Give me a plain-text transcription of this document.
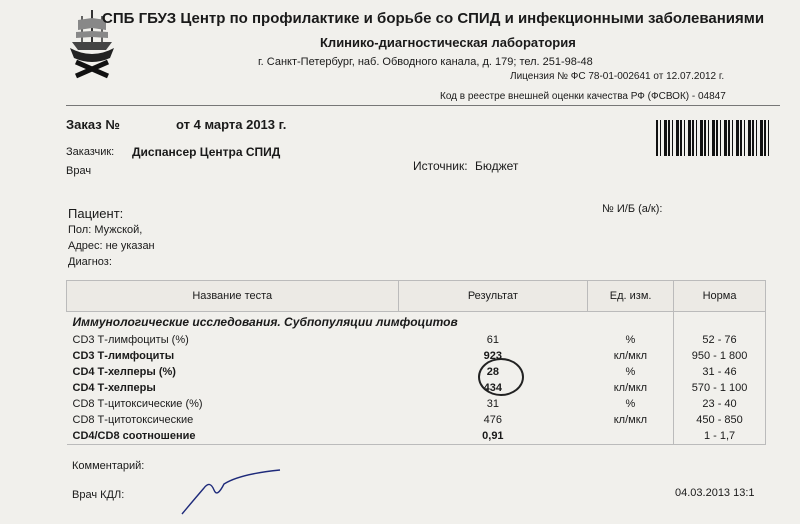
СПБ ГБУЗ Центр по профилактике и борьбе со СПИД и инфекционными заболеваниями
Клинико-диагностическая лаборатория
г. Санкт-Петербург, наб. Обводного канала, д. 179; тел. 251-98-48
Лицензия № ФС 78-01-002641 от 12.07.2012 г.
Код в реестре внешней оценки качества РФ (ФСВОК) - 04847
Заказ №	от 4 марта 2013 г.
Заказчик: Диспансер Центра СПИД
Врач	Источник: Бюджет
Пациент:	№ И/Б (а/к):
Пол: Мужской,
Адрес: не указан
Диагноз:
Название теста	Результат	Ед. изм.	Норма
Иммунологические исследования. Субпопуляции лимфоцитов			
CD3 Т-лимфоциты (%)	61	%	52 - 76
CD3 Т-лимфоциты	923	кл/мкл	950 - 1 800
CD4 Т-хелперы (%)	28	%	31 - 46
CD4 Т-хелперы	434	кл/мкл	570 - 1 100
CD8 Т-цитоксические (%)	31	%	23 - 40
CD8 Т-цитотоксические	476	кл/мкл	450 - 850
CD4/CD8 соотношение	0,91		1 - 1,7
Комментарий:
Врач КДЛ:	04.03.2013 13:1
